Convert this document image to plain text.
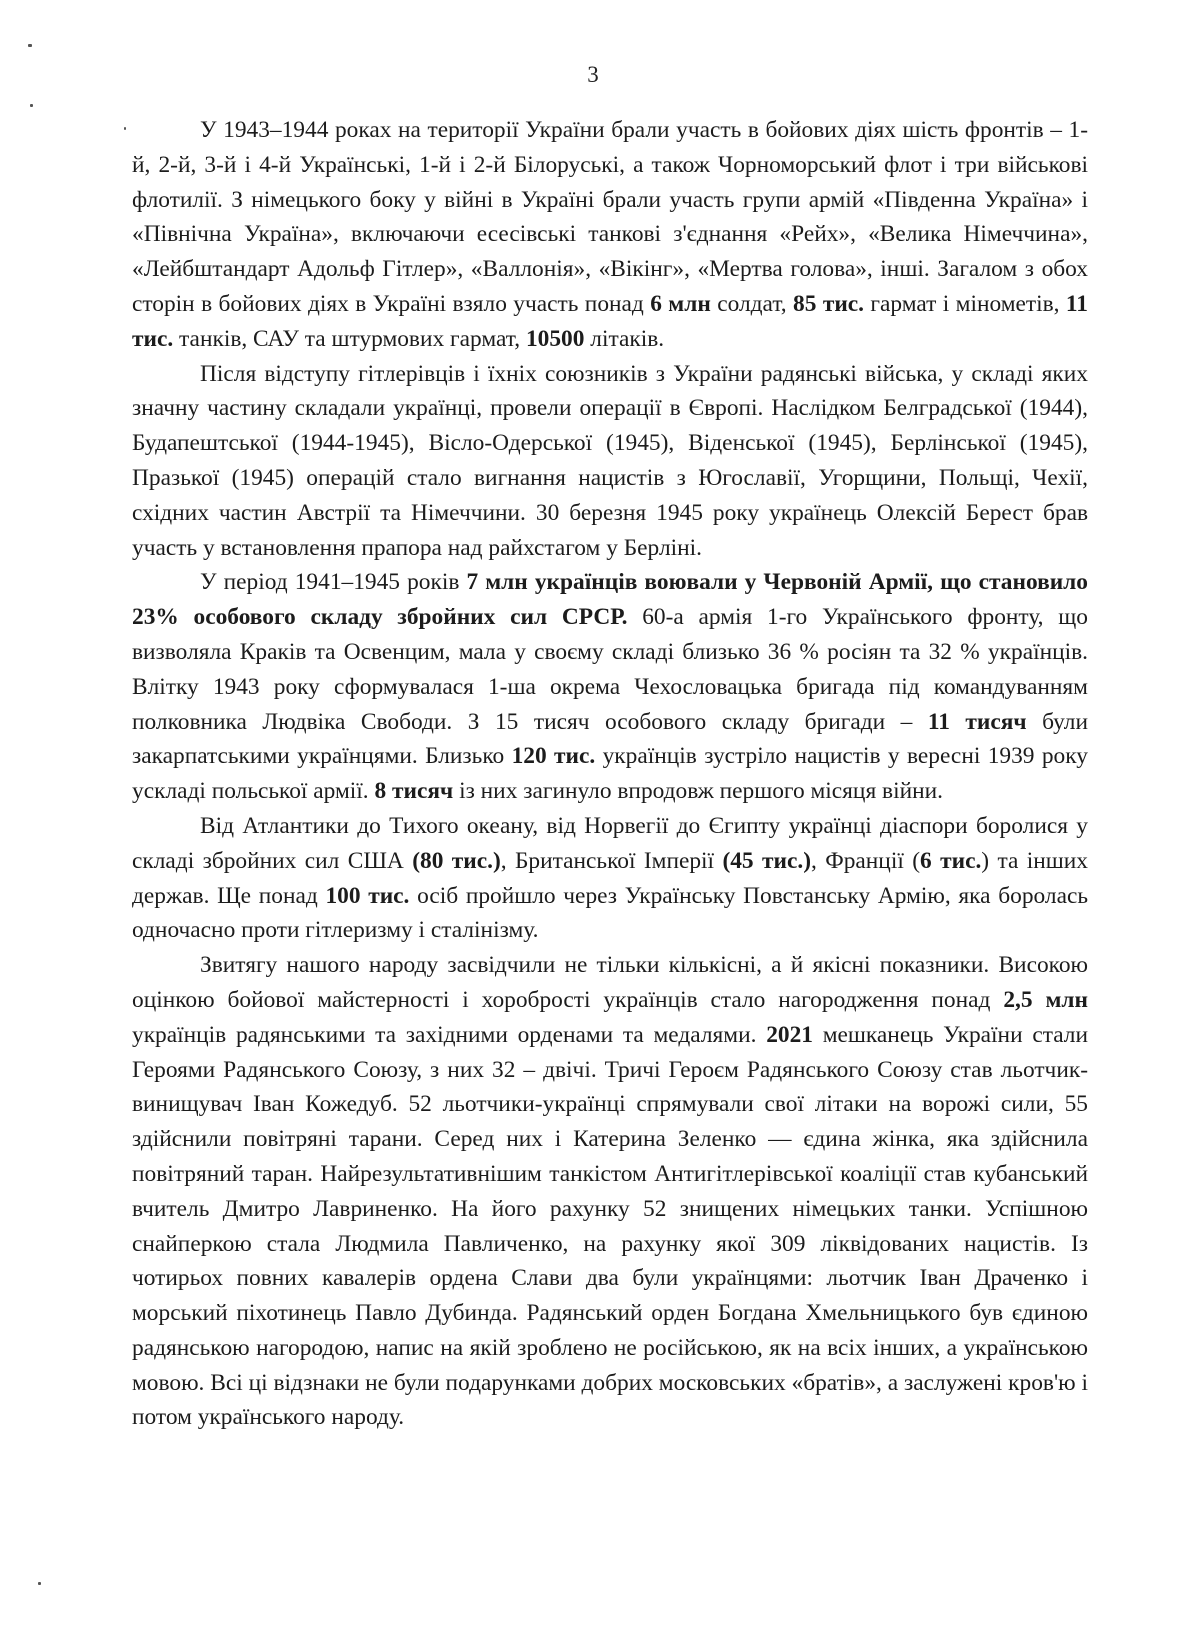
3

У 1943–1944 роках на території України брали участь в бойових діях шість фронтів – 1-й, 2-й, 3-й і 4-й Українські, 1-й і 2-й Білоруські, а також Чорноморський флот і три військові флотилії. З німецького боку у війні в Україні брали участь групи армій «Південна Україна» і «Північна Україна», включаючи есесівські танкові з'єднання «Рейх», «Велика Німеччина», «Лейбштандарт Адольф Гітлер», «Валлонія», «Вікінг», «Мертва голова», інші. Загалом з обох сторін в бойових діях в Україні взяло участь понад 6 млн солдат, 85 тис. гармат і мінометів, 11 тис. танків, САУ та штурмових гармат, 10500 літаків.

Після відступу гітлерівців і їхніх союзників з України радянські війська, у складі яких значну частину складали українці, провели операції в Європі. Наслідком Белградської (1944), Будапештської (1944-1945), Вісло-Одерської (1945), Віденської (1945), Берлінської (1945), Празької (1945) операцій стало вигнання нацистів з Югославії, Угорщини, Польщі, Чехії, східних частин Австрії та Німеччини. 30 березня 1945 року українець Олексій Берест брав участь у встановлення прапора над райхстагом у Берліні.

У період 1941–1945 років 7 млн українців воювали у Червоній Армії, що становило 23% особового складу збройних сил СРСР. 60-а армія 1-го Українського фронту, що визволяла Краків та Освенцим, мала у своєму складі близько 36 % росіян та 32 % українців. Влітку 1943 року сформувалася 1-ша окрема Чехословацька бригада під командуванням полковника Людвіка Свободи. З 15 тисяч особового складу бригади – 11 тисяч були закарпатськими українцями. Близько 120 тис. українців зустріло нацистів у вересні 1939 року ускладі польської армії. 8 тисяч із них загинуло впродовж першого місяця війни.

Від Атлантики до Тихого океану, від Норвегії до Єгипту українці діаспори боролися у складі збройних сил США (80 тис.), Британської Імперії (45 тис.), Франції (6 тис.) та інших держав. Ще понад 100 тис. осіб пройшло через Українську Повстанську Армію, яка боролась одночасно проти гітлеризму і сталінізму.

Звитягу нашого народу засвідчили не тільки кількісні, а й якісні показники. Високою оцінкою бойової майстерності і хоробрості українців стало нагородження понад 2,5 млн українців радянськими та західними орденами та медалями. 2021 мешканець України стали Героями Радянського Союзу, з них 32 – двічі. Тричі Героєм Радянського Союзу став льотчик-винищувач Іван Кожедуб. 52 льотчики-українці спрямували свої літаки на ворожі сили, 55 здійснили повітряні тарани. Серед них і Катерина Зеленко — єдина жінка, яка здійснила повітряний таран. Найрезультативнішим танкістом Антигітлерівської коаліції став кубанський вчитель Дмитро Лавриненко. На його рахунку 52 знищених німецьких танки. Успішною снайперкою стала Людмила Павличенко, на рахунку якої 309 ліквідованих нацистів. Із чотирьох повних кавалерів ордена Слави два були українцями: льотчик Іван Драченко і морський піхотинець Павло Дубинда. Радянський орден Богдана Хмельницького був єдиною радянською нагородою, напис на якій зроблено не російською, як на всіх інших, а українською мовою. Всі ці відзнаки не були подарунками добрих московських «братів», а заслужені кров'ю і потом українського народу.
